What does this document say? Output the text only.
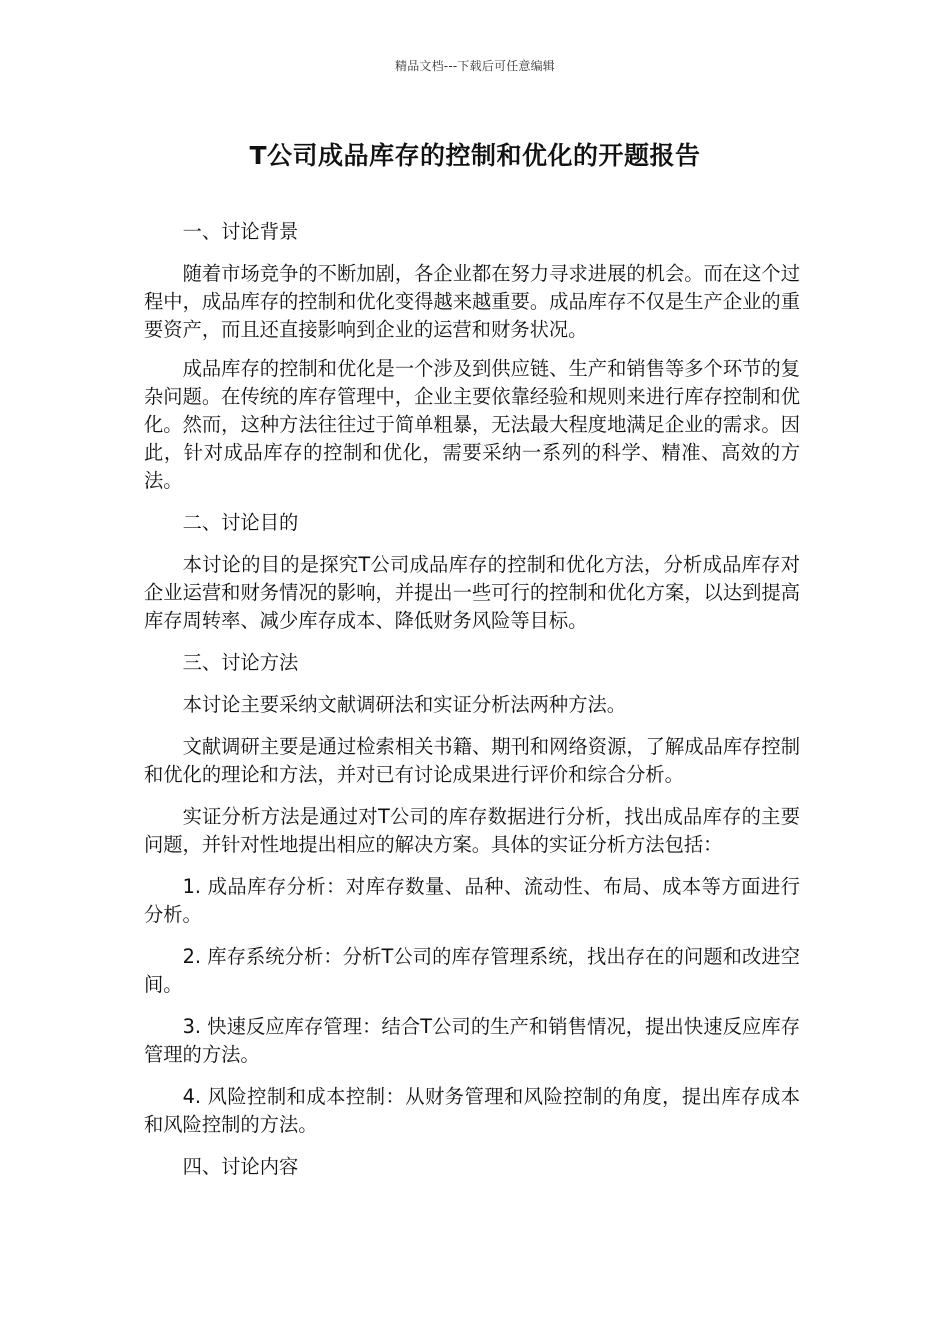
精品文档---下载后可任意编辑
T公司成品库存的控制和优化的开题报告

一、讨论背景

随着市场竞争的不断加剧，各企业都在努力寻求进展的机会。而在这个过程中，成品库存的控制和优化变得越来越重要。成品库存不仅是生产企业的重要资产，而且还直接影响到企业的运营和财务状况。

成品库存的控制和优化是一个涉及到供应链、生产和销售等多个环节的复杂问题。在传统的库存管理中，企业主要依靠经验和规则来进行库存控制和优化。然而，这种方法往往过于简单粗暴，无法最大程度地满足企业的需求。因此，针对成品库存的控制和优化，需要采纳一系列的科学、精准、高效的方法。

二、讨论目的

本讨论的目的是探究T公司成品库存的控制和优化方法，分析成品库存对企业运营和财务情况的影响，并提出一些可行的控制和优化方案，以达到提高库存周转率、减少库存成本、降低财务风险等目标。

三、讨论方法

本讨论主要采纳文献调研法和实证分析法两种方法。

文献调研主要是通过检索相关书籍、期刊和网络资源，了解成品库存控制和优化的理论和方法，并对已有讨论成果进行评价和综合分析。

实证分析方法是通过对T公司的库存数据进行分析，找出成品库存的主要问题，并针对性地提出相应的解决方案。具体的实证分析方法包括：

1. 成品库存分析：对库存数量、品种、流动性、布局、成本等方面进行分析。

2. 库存系统分析：分析T公司的库存管理系统，找出存在的问题和改进空间。

3. 快速反应库存管理：结合T公司的生产和销售情况，提出快速反应库存管理的方法。

4. 风险控制和成本控制：从财务管理和风险控制的角度，提出库存成本和风险控制的方法。

四、讨论内容
